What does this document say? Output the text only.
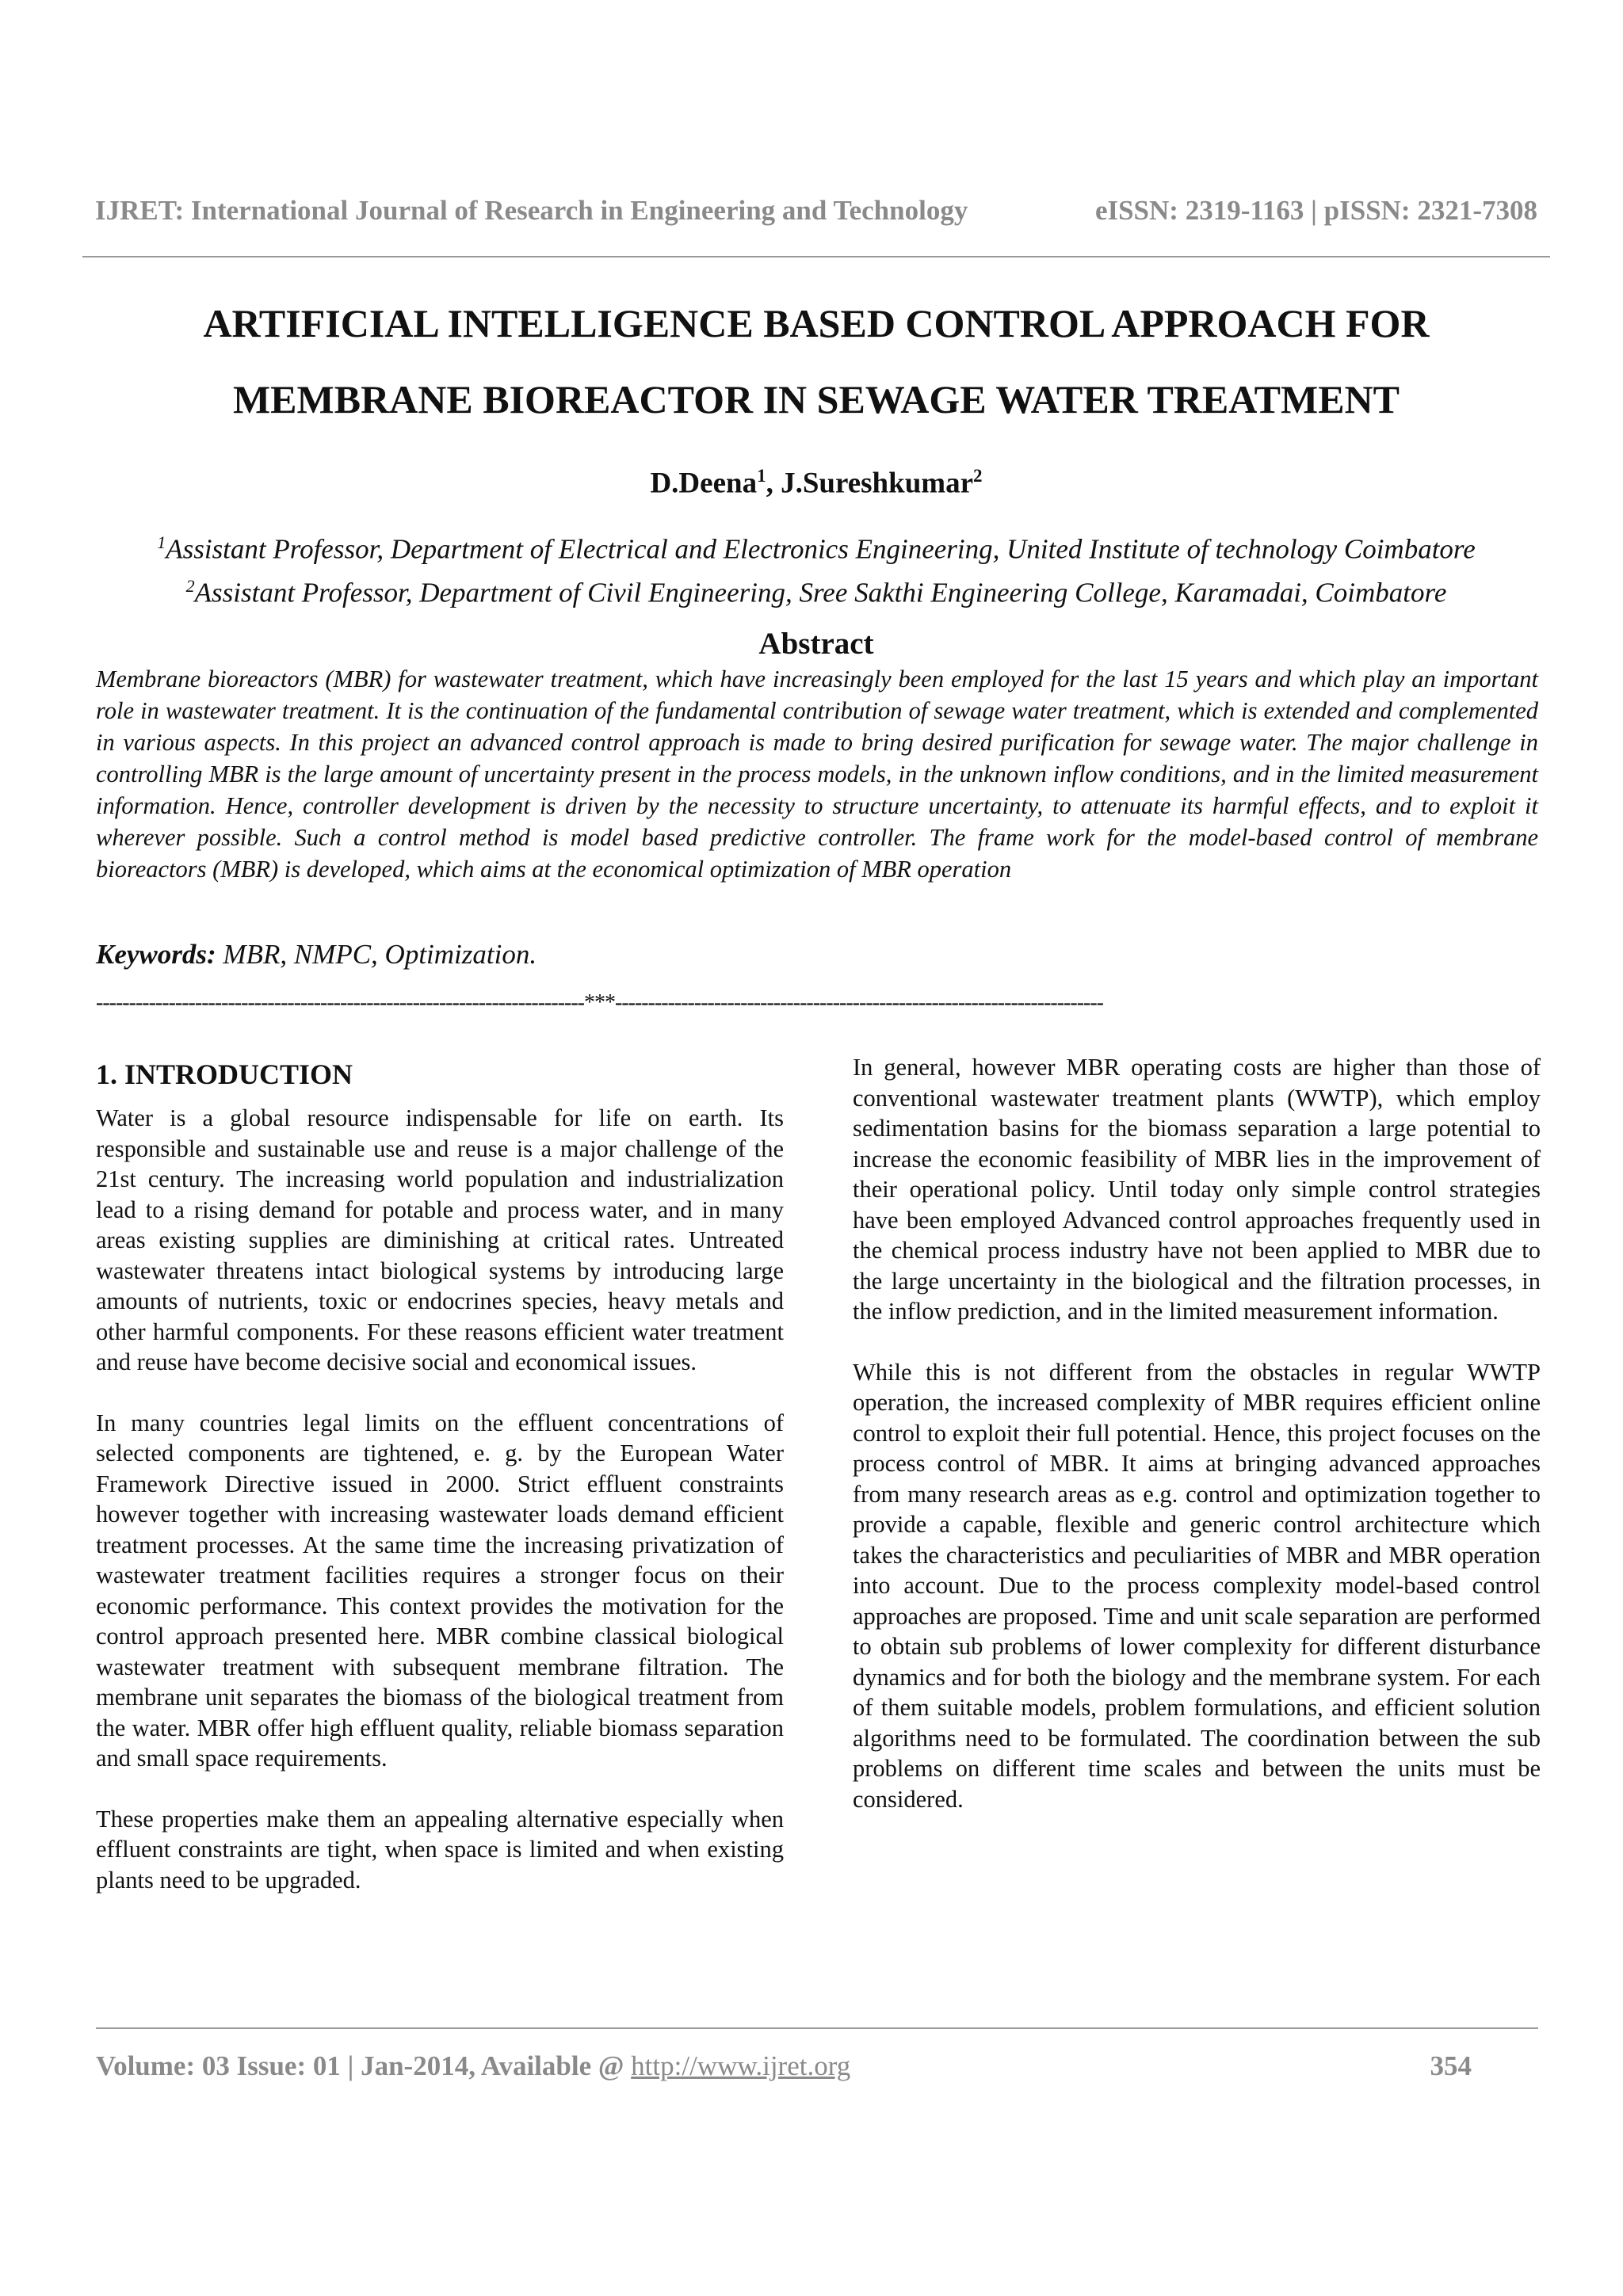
IJRET: International Journal of Research in Engineering and Technology	eISSN: 2319-1163 | pISSN: 2321-7308
ARTIFICIAL INTELLIGENCE BASED CONTROL APPROACH FOR MEMBRANE BIOREACTOR IN SEWAGE WATER TREATMENT
D.Deena$^1$, J.Sureshkumar$^2$
$^1$Assistant Professor, Department of Electrical and Electronics Engineering, United Institute of technology Coimbatore
$^2$Assistant Professor, Department of Civil Engineering, Sree Sakthi Engineering College, Karamadai, Coimbatore
Abstract

Membrane bioreactors (MBR) for wastewater treatment, which have increasingly been employed for the last 15 years and which play an important role in wastewater treatment. It is the continuation of the fundamental contribution of sewage water treatment, which is extended and complemented in various aspects. In this project an advanced control approach is made to bring desired purification for sewage water. The major challenge in controlling MBR is the large amount of uncertainty present in the process models, in the unknown inflow conditions, and in the limited measurement information. Hence, controller development is driven by the necessity to structure uncertainty, to attenuate its harmful effects, and to exploit it wherever possible. Such a control method is model based predictive controller. The frame work for the model-based control of membrane bioreactors (MBR) is developed, which aims at the economical optimization of MBR operation

Keywords: MBR, NMPC, Optimization.
--------------------------------------------------------------------------***--------------------------------------------------------------------------
1. INTRODUCTION

Water is a global resource indispensable for life on earth. Its responsible and sustainable use and reuse is a major challenge of the 21st century. The increasing world population and industrialization lead to a rising demand for potable and process water, and in many areas existing supplies are diminishing at critical rates. Untreated wastewater threatens intact biological systems by introducing large amounts of nutrients, toxic or endocrines species, heavy metals and other harmful components. For these reasons efficient water treatment and reuse have become decisive social and economical issues.

In many countries legal limits on the effluent concentrations of selected components are tightened, e. g. by the European Water Framework Directive issued in 2000. Strict effluent constraints however together with increasing wastewater loads demand efficient treatment processes. At the same time the increasing privatization of wastewater treatment facilities requires a stronger focus on their economic performance. This context provides the motivation for the control approach presented here. MBR combine classical biological wastewater treatment with subsequent membrane filtration. The membrane unit separates the biomass of the biological treatment from the water. MBR offer high effluent quality, reliable biomass separation and small space requirements.

These properties make them an appealing alternative especially when effluent constraints are tight, when space is limited and when existing plants need to be upgraded.

In general, however MBR operating costs are higher than those of conventional wastewater treatment plants (WWTP), which employ sedimentation basins for the biomass separation a large potential to increase the economic feasibility of MBR lies in the improvement of their operational policy. Until today only simple control strategies have been employed Advanced control approaches frequently used in the chemical process industry have not been applied to MBR due to the large uncertainty in the biological and the filtration processes, in the inflow prediction, and in the limited measurement information.

While this is not different from the obstacles in regular WWTP operation, the increased complexity of MBR requires efficient online control to exploit their full potential. Hence, this project focuses on the process control of MBR. It aims at bringing advanced approaches from many research areas as e.g. control and optimization together to provide a capable, flexible and generic control architecture which takes the characteristics and peculiarities of MBR and MBR operation into account. Due to the process complexity model-based control approaches are proposed. Time and unit scale separation are performed to obtain sub problems of lower complexity for different disturbance dynamics and for both the biology and the membrane system. For each of them suitable models, problem formulations, and efficient solution algorithms need to be formulated. The coordination between the sub problems on different time scales and between the units must be considered.

Volume: 03 Issue: 01 | Jan-2014, Available @ http://www.ijret.org	354
